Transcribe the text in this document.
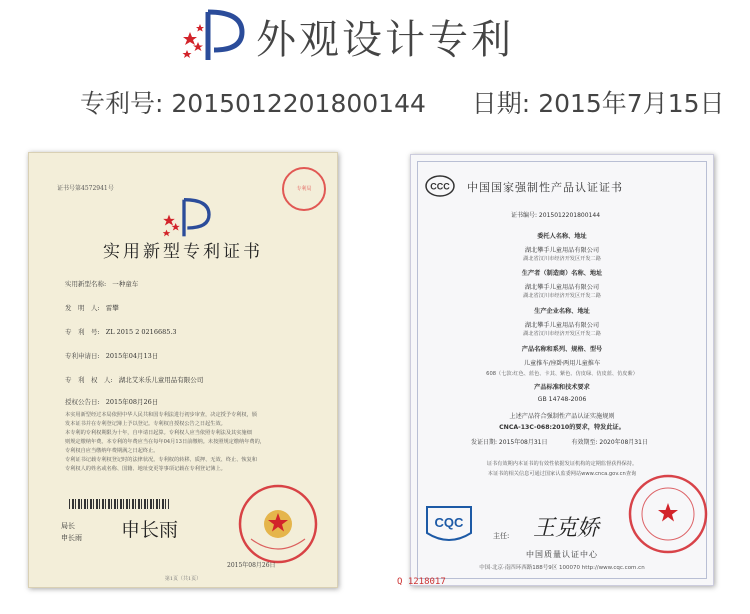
外观设计专利
专利号: 2015012201800144 日期: 2015年7月15日
证书号第4572941号	专利局
实用新型专利证书
实用新型名称: 一种童车
发　明　人: 雷攀
专　利　号: ZL 2015 2 0216685.3
专利申请日: 2015年04月13日
专　利　权　人: 湖北艾米乐儿童用品有限公司
授权公告日: 2015年08月26日
本实用新型经过本局依照中华人民共和国专利法进行初步审查，决定授予专利权，颁
发本证书并在专利登记簿上予以登记。专利权自授权公告之日起生效。
本专利的专利权期限为十年，自申请日起算。专利权人应当依照专利法及其实施细
则规定缴纳年费。本专利的年费应当在每年04月13日前缴纳。未按照规定缴纳年费的，
专利权自应当缴纳年费期满之日起终止。
专利证书记载专利权登记时的法律状况。专利权的转移、质押、无效、终止、恢复和
专利权人的姓名或名称、国籍、地址变更等事项记载在专利登记簿上。
局长
申长雨 申长雨
2015年08月26日
第1页（共1页）
CCC 中国国家强制性产品认证证书
证书编号: 2015012201800144
委托人名称、地址
湖北攀手儿童用品有限公司
湖北省汉川市经济开发区开发二路
生产者（制造商）名称、地址
湖北攀手儿童用品有限公司
湖北省汉川市经济开发区开发二路
生产企业名称、地址
湖北攀手儿童用品有限公司
湖北省汉川市经济开发区开发二路
产品名称和系列、规格、型号
儿童推车/座卧两用儿童推车
608（七款:红色、蓝色、卡其、紫色、仿皮绿、仿皮蓝、仿皮紫）
产品标准和技术要求
GB 14748-2006
上述产品符合强制性产品认证实施规则
CNCA-13C-068:2010的要求，特发此证。
发证日期: 2015年08月31日	有效期至: 2020年08月31日
证书有效期内本证书的有效性依据发证机构的定期监督获得保持。
本证书的相关信息可通过国家认监委网站www.cnca.gov.cn查询
CQC
主任: 王克娇
中国质量认证中心
中国·北京·南四环西路188号9区 100070 http://www.cqc.com.cn
Q 1218017
